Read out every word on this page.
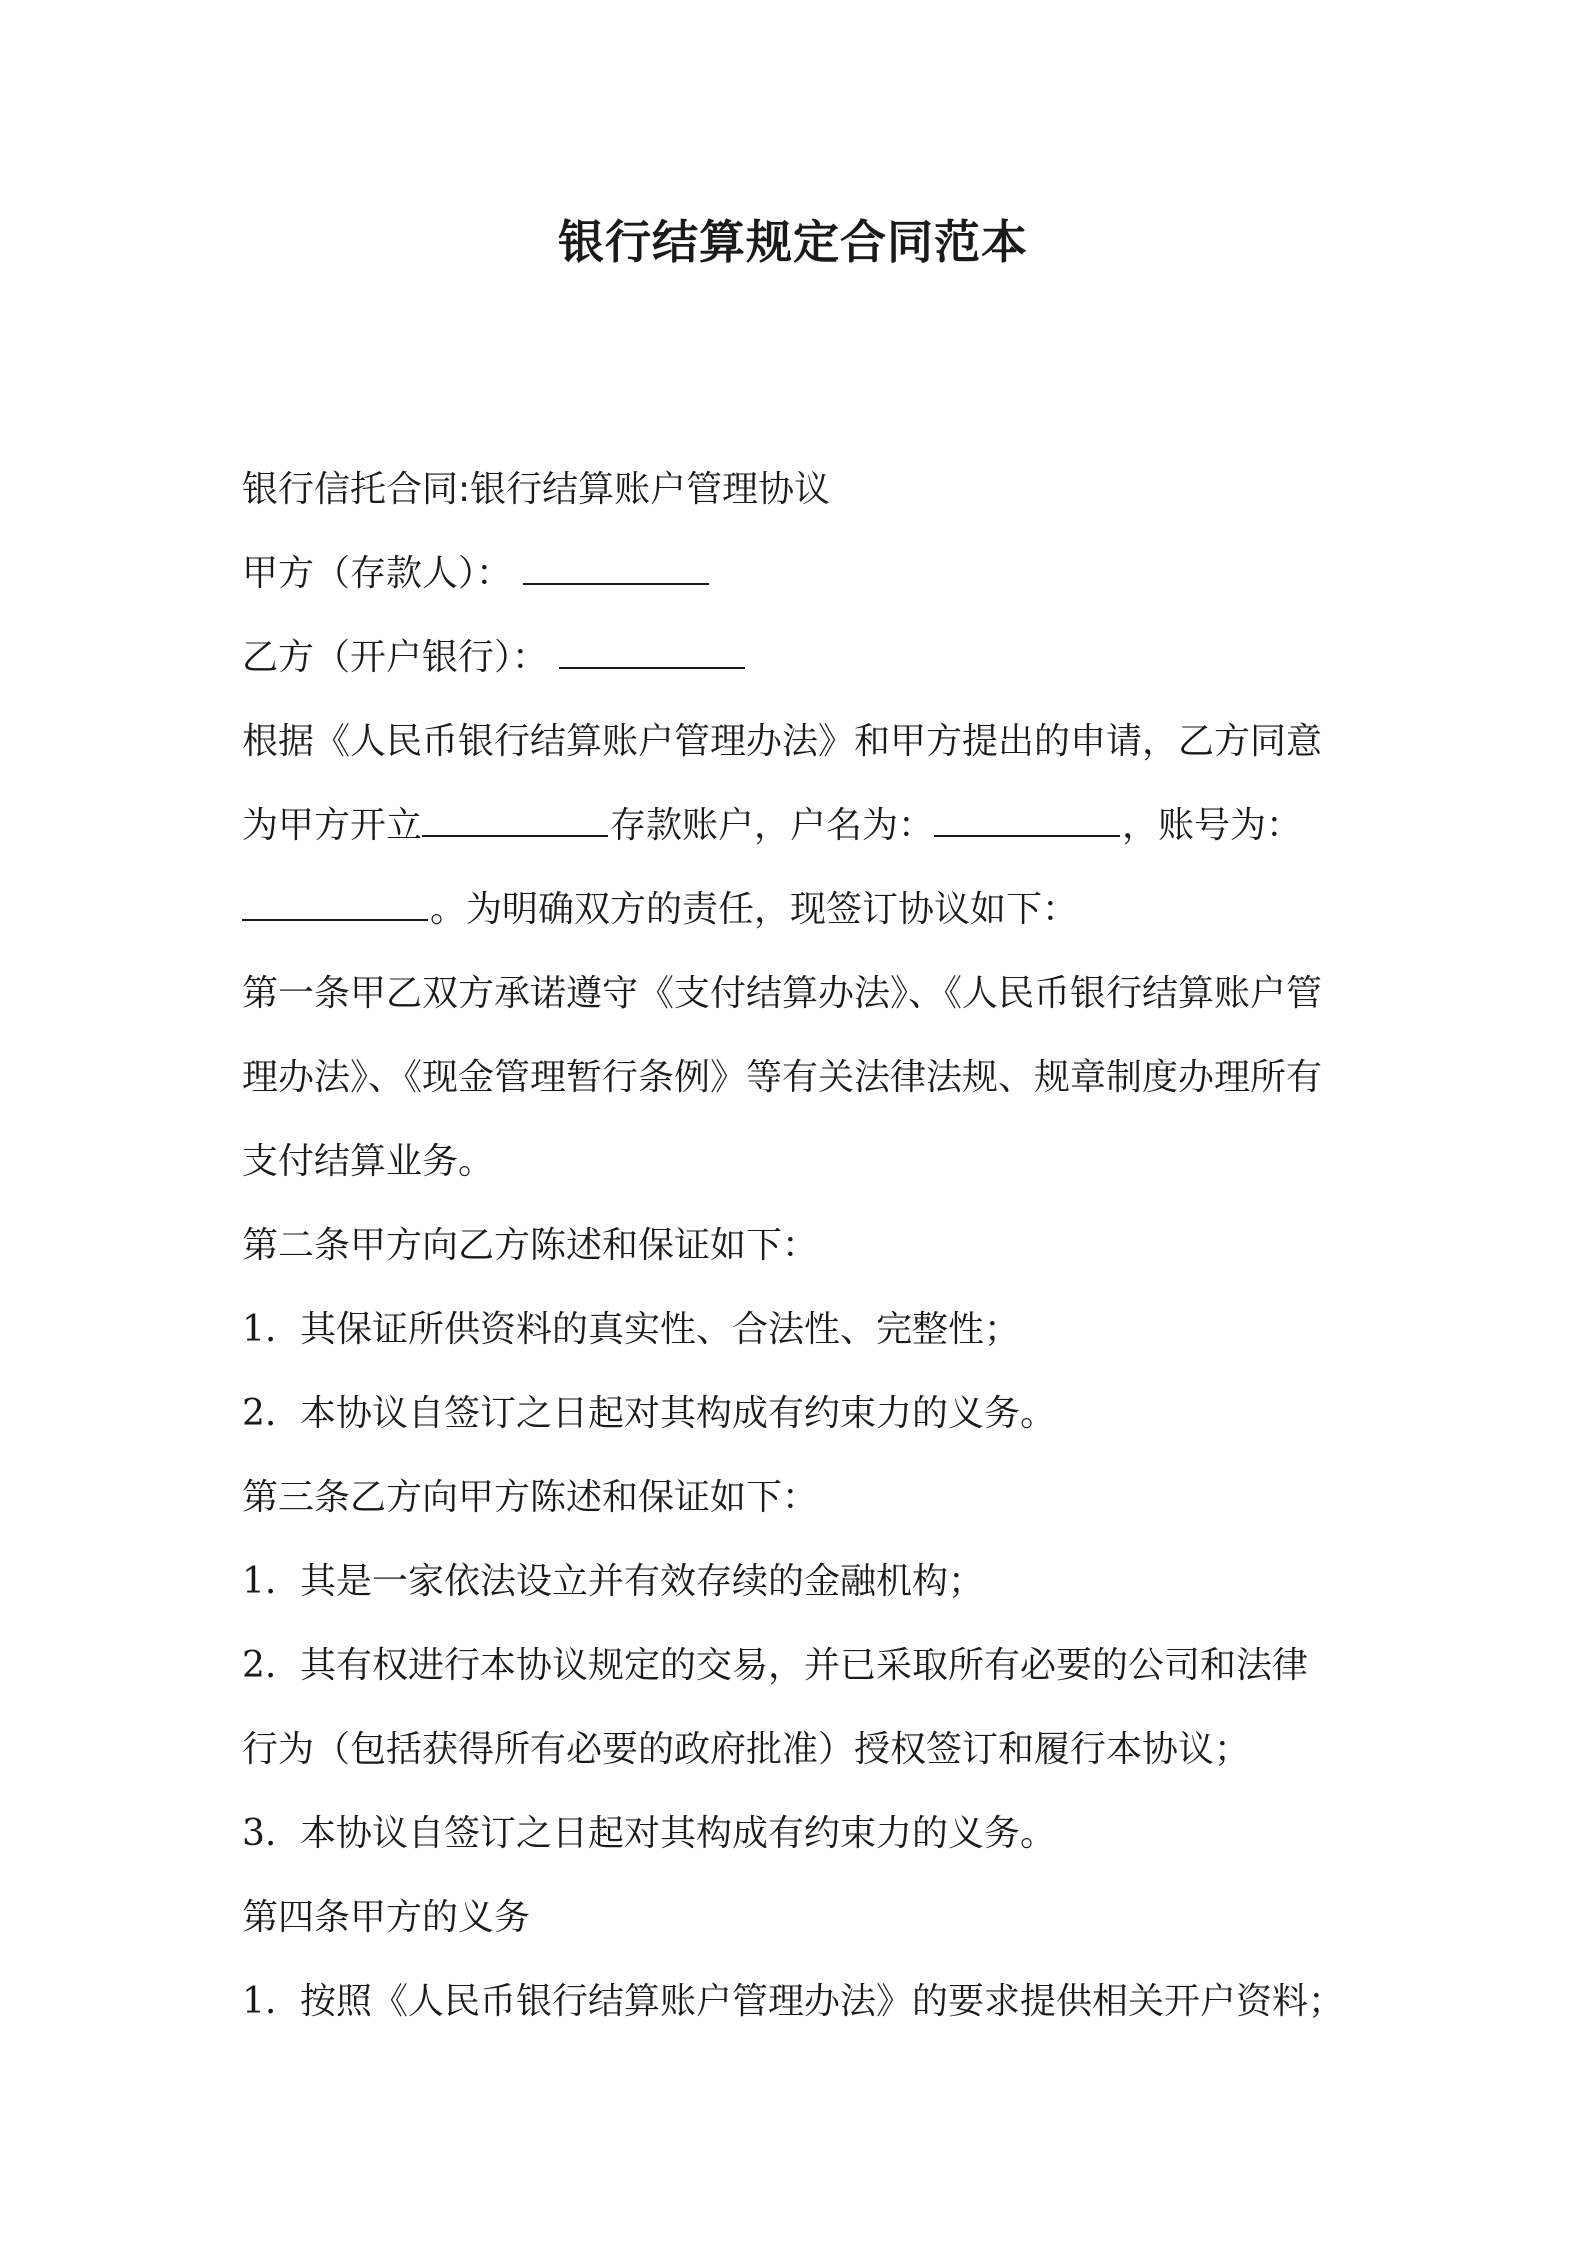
银行结算规定合同范本
银行信托合同:银行结算账户管理协议
甲方（存款人）：
乙方（开户银行）：
根据《人民币银行结算账户管理办法》和甲方提出的申请，乙方同意
为甲方开立	存款账户，户名为：	，账号为：
。为明确双方的责任，现签订协议如下：
第一条甲乙双方承诺遵守《支付结算办法》、《人民币银行结算账户管
理办法》、《现金管理暂行条例》等有关法律法规、规章制度办理所有
支付结算业务。
第二条甲方向乙方陈述和保证如下：
1. 其保证所供资料的真实性、合法性、完整性；
2. 本协议自签订之日起对其构成有约束力的义务。
第三条乙方向甲方陈述和保证如下：
1. 其是一家依法设立并有效存续的金融机构；
2. 其有权进行本协议规定的交易，并已采取所有必要的公司和法律
行为（包括获得所有必要的政府批准）授权签订和履行本协议；
3. 本协议自签订之日起对其构成有约束力的义务。
第四条甲方的义务
1. 按照《人民币银行结算账户管理办法》的要求提供相关开户资料；
